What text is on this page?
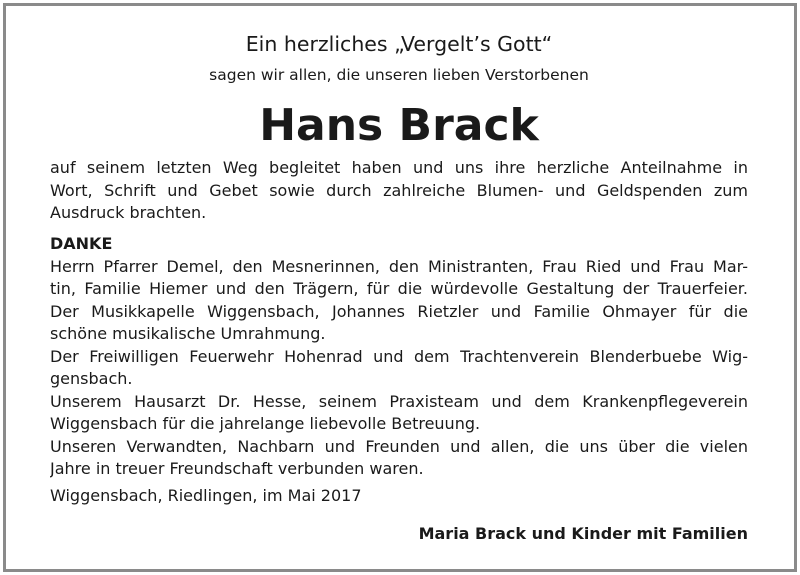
Ein herzliches „Vergelt’s Gott“
sagen wir allen, die unseren lieben Verstorbenen
Hans Brack
auf seinem letzten Weg begleitet haben und uns ihre herzliche Anteilnahme in
Wort, Schrift und Gebet sowie durch zahlreiche Blumen- und Geldspenden zum
Ausdruck brachten.
DANKE
Herrn Pfarrer Demel, den Mesnerinnen, den Ministranten, Frau Ried und Frau Mar-
tin, Familie Hiemer und den Trägern, für die würdevolle Gestaltung der Trauerfeier.
Der Musikkapelle Wiggensbach, Johannes Rietzler und Familie Ohmayer für die
schöne musikalische Umrahmung.
Der Freiwilligen Feuerwehr Hohenrad und dem Trachtenverein Blenderbuebe Wig-
gensbach.
Unserem Hausarzt Dr. Hesse, seinem Praxisteam und dem Krankenpflegeverein
Wiggensbach für die jahrelange liebevolle Betreuung.
Unseren Verwandten, Nachbarn und Freunden und allen, die uns über die vielen
Jahre in treuer Freundschaft verbunden waren.
Wiggensbach, Riedlingen, im Mai 2017
Maria Brack und Kinder mit Familien
